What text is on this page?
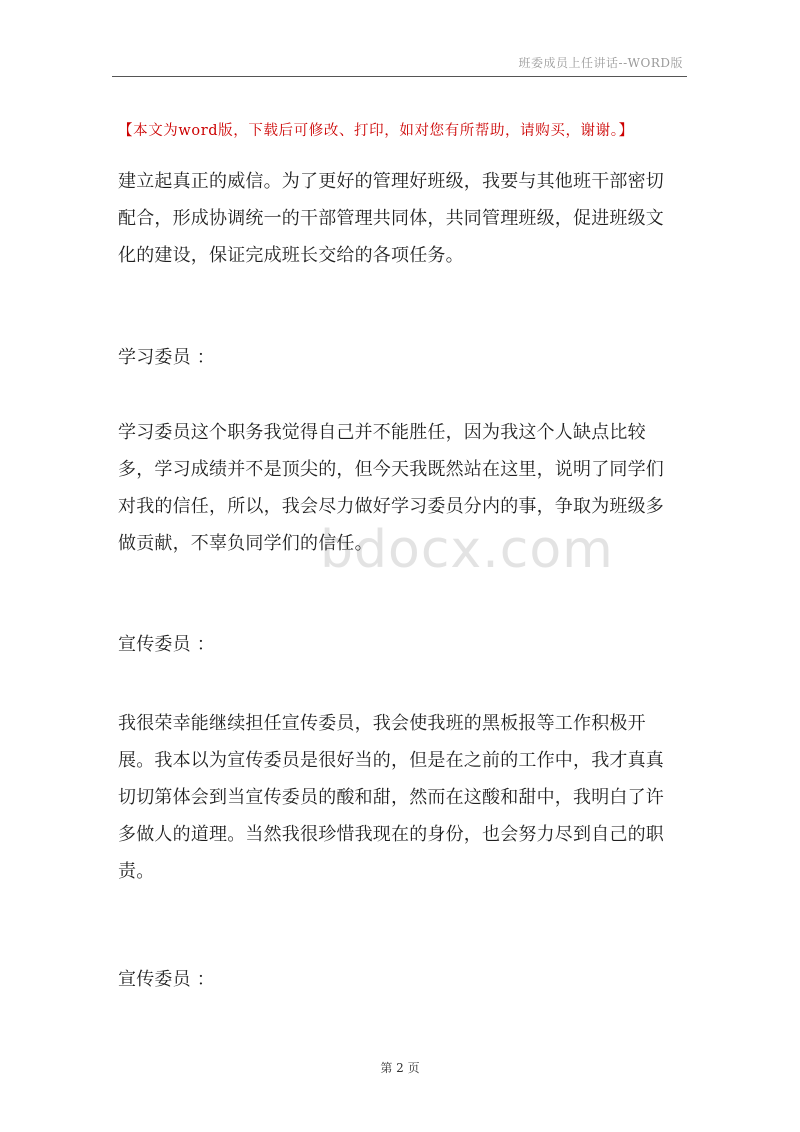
班委成员上任讲话--WORD版
【本文为word版，下载后可修改、打印，如对您有所帮助，请购买，谢谢。】
bdocx.com
建立起真正的威信。为了更好的管理好班级，我要与其他班干部密切
配合，形成协调统一的干部管理共同体，共同管理班级，促进班级文
化的建设，保证完成班长交给的各项任务。
学习委员 ：
学习委员这个职务我觉得自己并不能胜任，因为我这个人缺点比较
多，学习成绩并不是顶尖的，但今天我既然站在这里，说明了同学们
对我的信任，所以，我会尽力做好学习委员分内的事，争取为班级多
做贡献，不辜负同学们的信任。
宣传委员 ：
我很荣幸能继续担任宣传委员，我会使我班的黑板报等工作积极开
展。我本以为宣传委员是很好当的，但是在之前的工作中，我才真真
切切第体会到当宣传委员的酸和甜，然而在这酸和甜中，我明白了许
多做人的道理。当然我很珍惜我现在的身份，也会努力尽到自己的职
责。
宣传委员 ：
第 2 页
